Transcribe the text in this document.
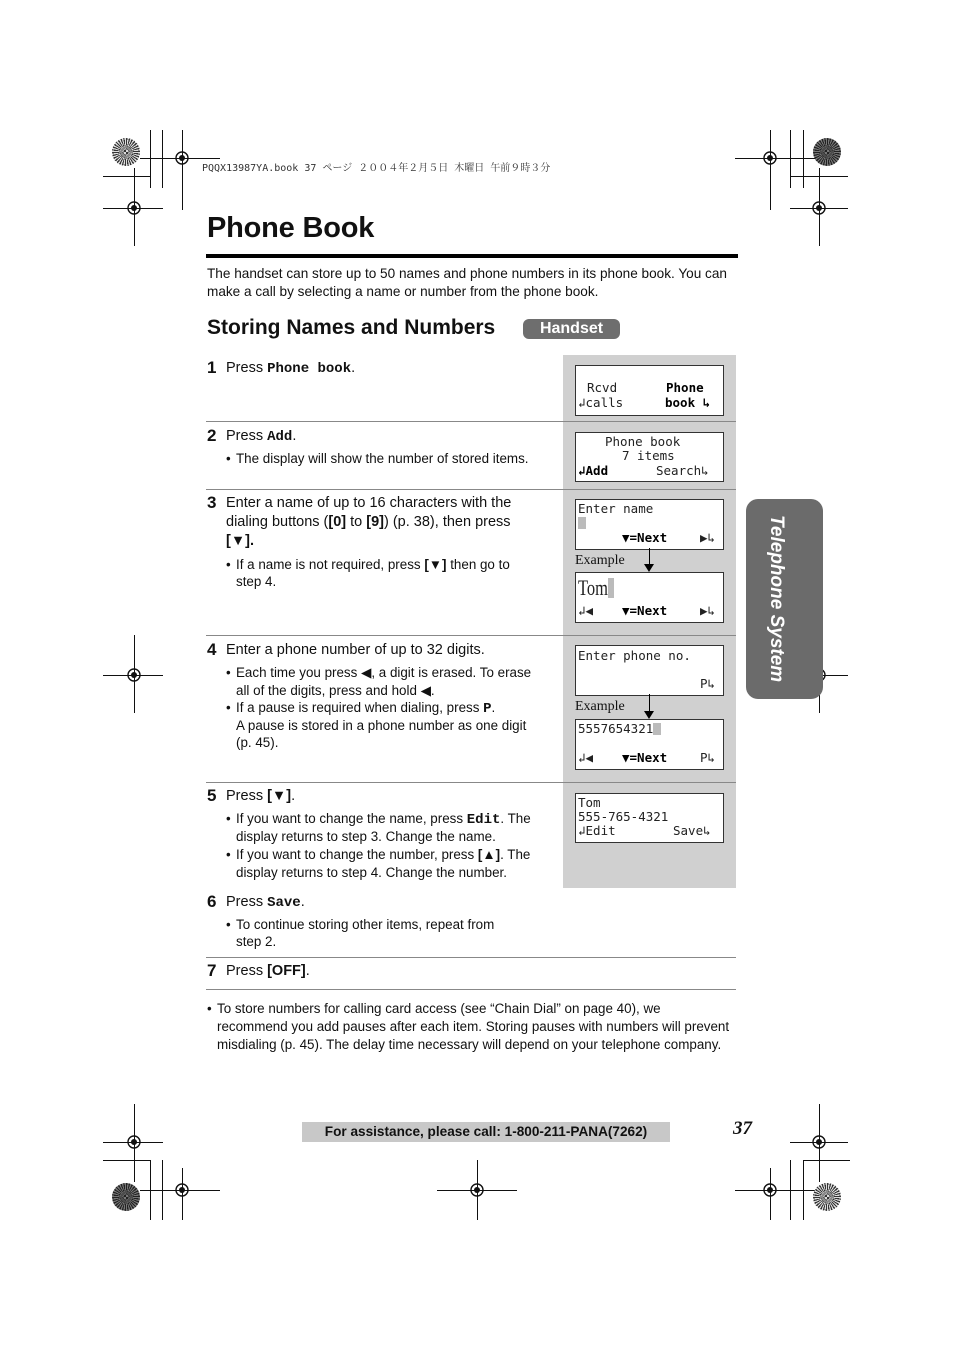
PQQX13987YA.book 37 ページ ２００４年２月５日 木曜日 午前９時３分
Phone Book
The handset can store up to 50 names and phone numbers in its phone book. You can make a call by selecting a name or number from the phone book.
Storing Names and Numbers	Handset
Telephone System
1 Press Phone book.
Rcvd	Phone
↲calls	book ↳
2 Press Add.
• The display will show the number of stored items.
Phone book
7 items
↲Add	Search↳
3 Enter a name of up to 16 characters with the
dialing buttons ([0] to [9]) (p. 38), then press
[▼].
• If a name is not required, press [▼] then go to
step 4.
Enter name
▼=Next	▶↳
Example
Tom
↲◀ ▼=Next	▶↳
4 Enter a phone number of up to 32 digits.
• Each time you press ◀, a digit is erased. To erase
all of the digits, press and hold ◀.
• If a pause is required when dialing, press P.
A pause is stored in a phone number as one digit
(p. 45).
Enter phone no.
P↳
Example
5557654321
↲◀ ▼=Next	P↳
5 Press [▼].
• If you want to change the name, press Edit. The
display returns to step 3. Change the name.
• If you want to change the number, press [▲]. The
display returns to step 4. Change the number.
Tom
555-765-4321
↲Edit	Save↳
6 Press Save.
• To continue storing other items, repeat from
step 2.
7 Press [OFF].
• To store numbers for calling card access (see “Chain Dial” on page 40), we recommend you add pauses after each item. Storing pauses with numbers will prevent misdialing (p. 45). The delay time necessary will depend on your telephone company.
For assistance, please call: 1-800-211-PANA(7262)	37
